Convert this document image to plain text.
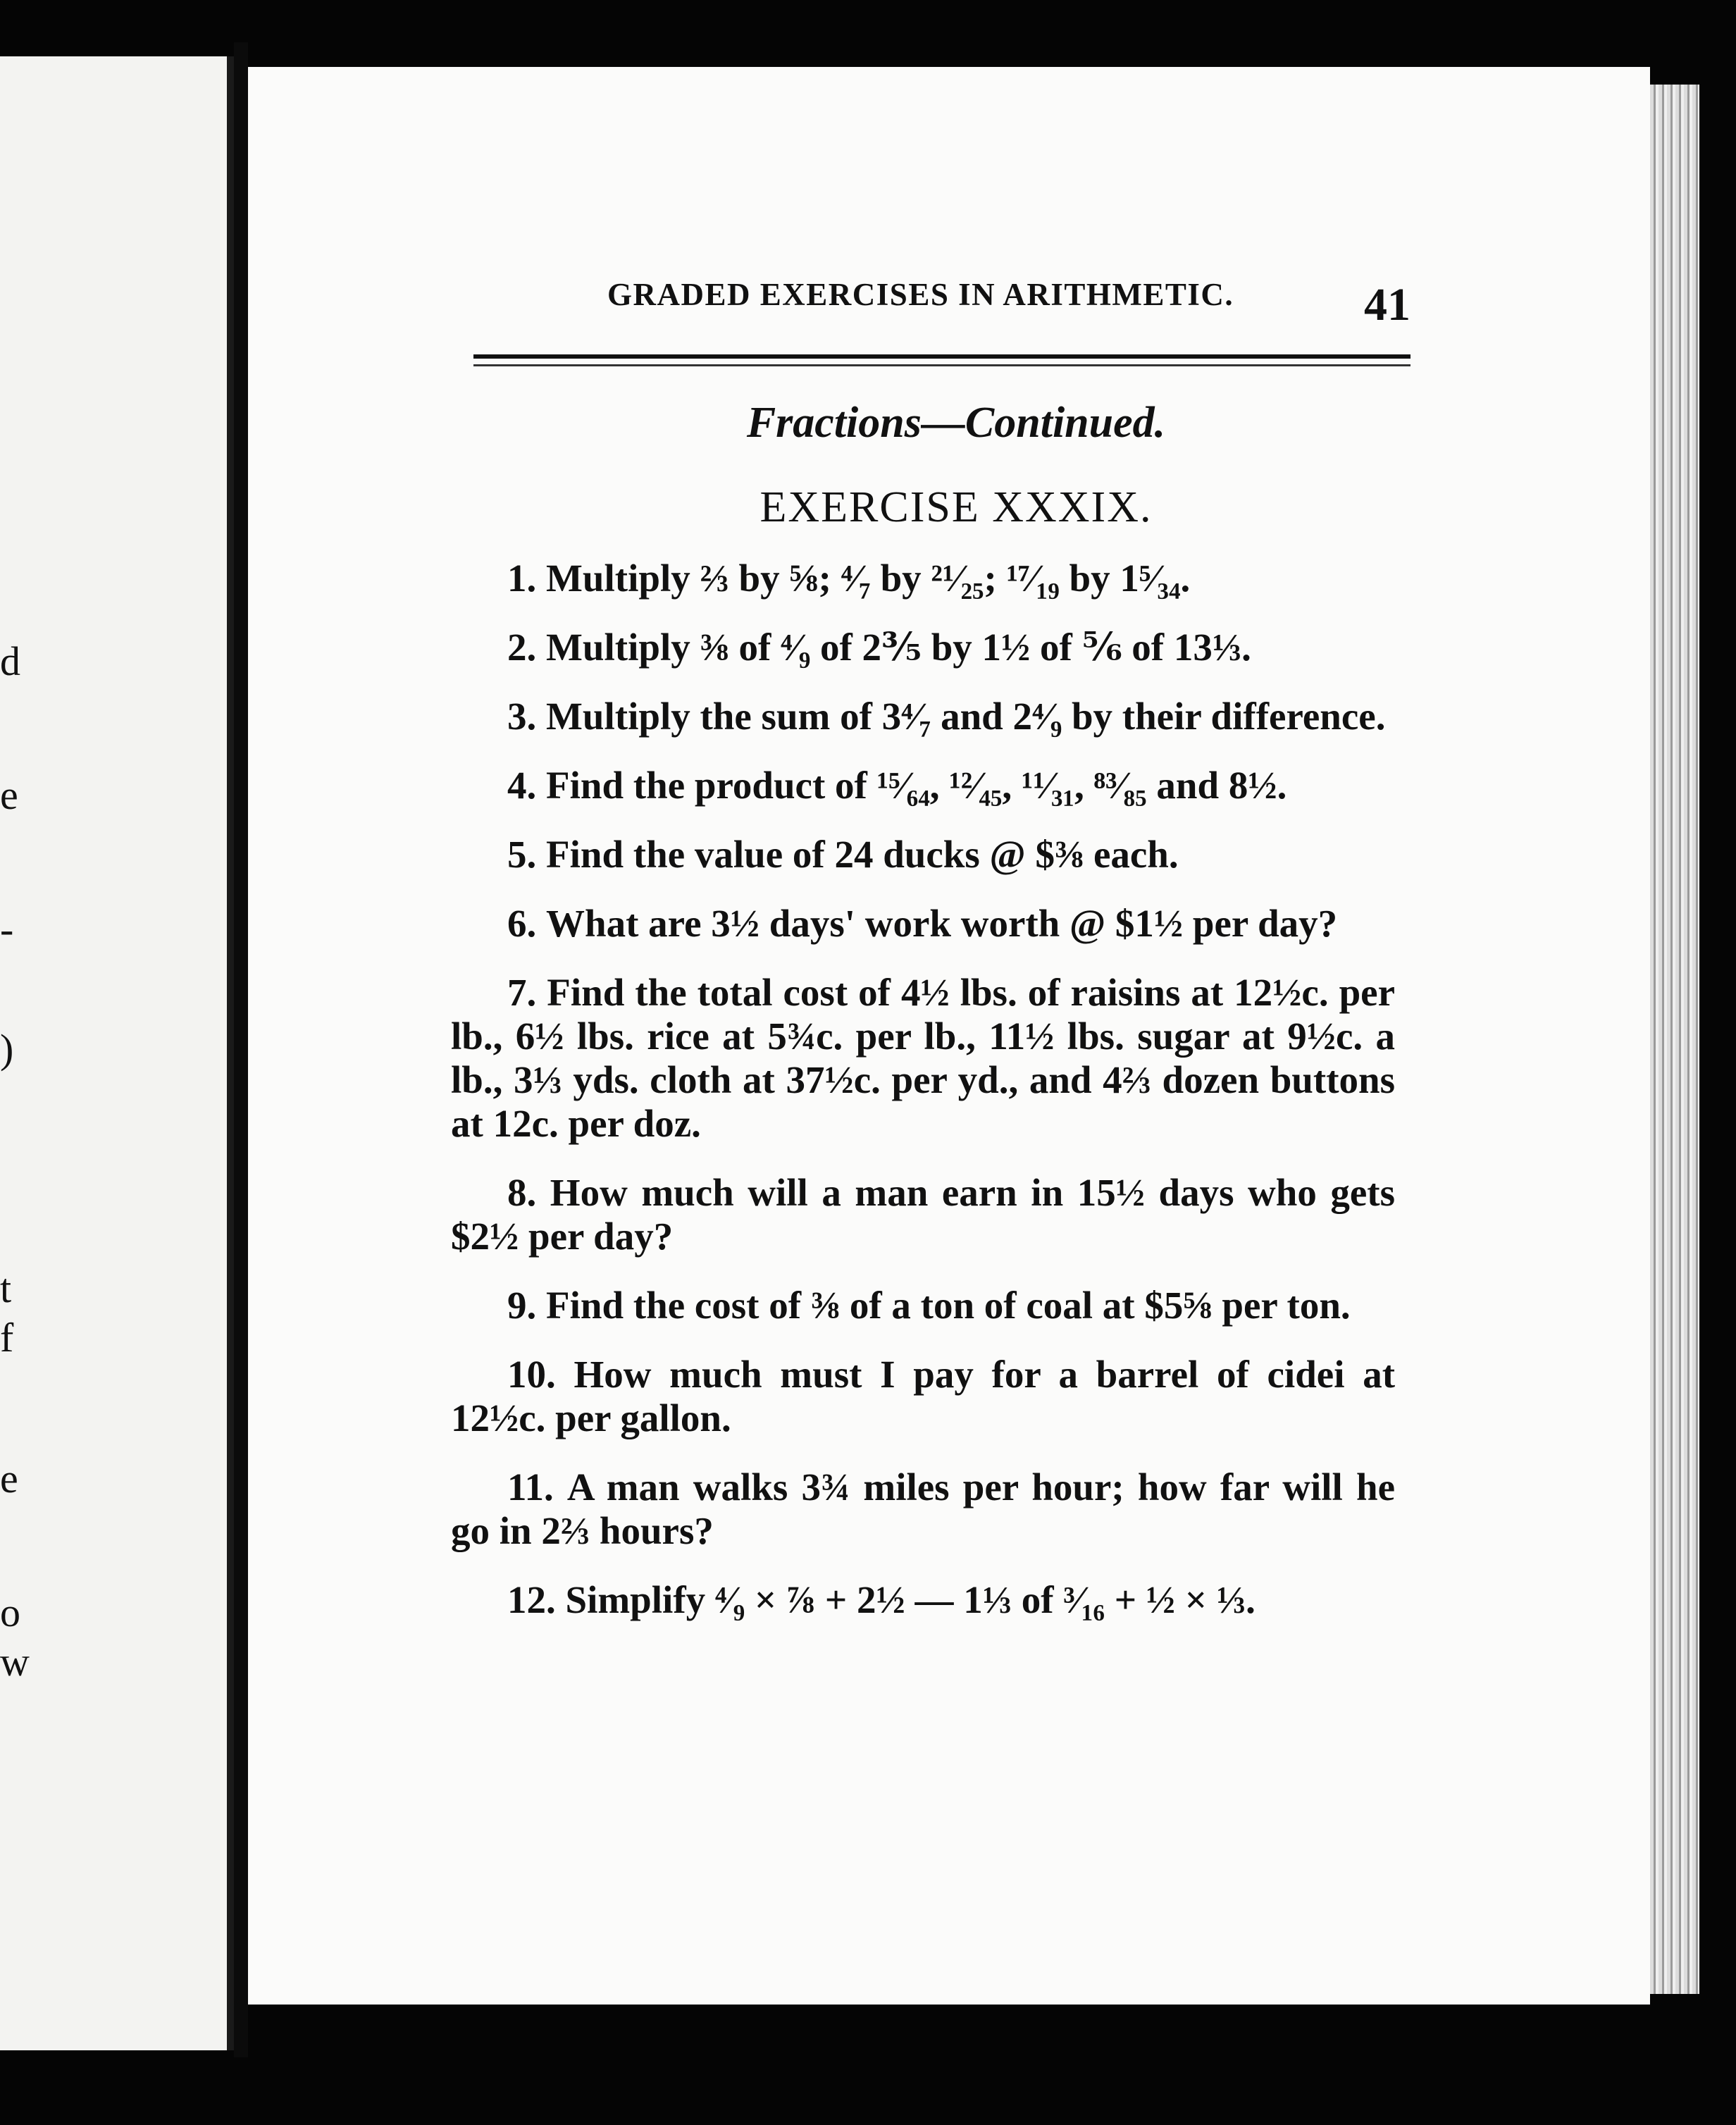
d
e
-
)
t
f
e
o
w
GRADED EXERCISES IN ARITHMETIC.	41
Fractions—Continued.
EXERCISE XXXIX.

1. Multiply ⅔ by ⅝; ⁴⁄₇ by ²¹⁄₂₅; ¹⁷⁄₁₉ by 1⁵⁄₃₄.

2. Multiply ⅜ of ⁴⁄₉ of 2⅗ by 1½ of ⅚ of 13⅓.

3. Multiply the sum of 3⁴⁄₇ and 2⁴⁄₉ by their difference.

4. Find the product of ¹⁵⁄₆₄, ¹²⁄₄₅, ¹¹⁄₃₁, ⁸³⁄₈₅ and 8½.

5. Find the value of 24 ducks @ $⅜ each.

6. What are 3½ days' work worth @ $1½ per day?

7. Find the total cost of 4½ lbs. of raisins at 12½c. per lb., 6½ lbs. rice at 5¾c. per lb., 11½ lbs. sugar at 9½c. a lb., 3⅓ yds. cloth at 37½c. per yd., and 4⅔ dozen buttons at 12c. per doz.

8. How much will a man earn in 15½ days who gets $2½ per day?

9. Find the cost of ⅜ of a ton of coal at $5⅝ per ton.

10. How much must I pay for a barrel of cidei at 12½c. per gallon.

11. A man walks 3¾ miles per hour; how far will he go in 2⅔ hours?

12. Simplify ⁴⁄₉ × ⅞ + 2½ — 1⅓ of ³⁄₁₆ + ½ × ⅓.
